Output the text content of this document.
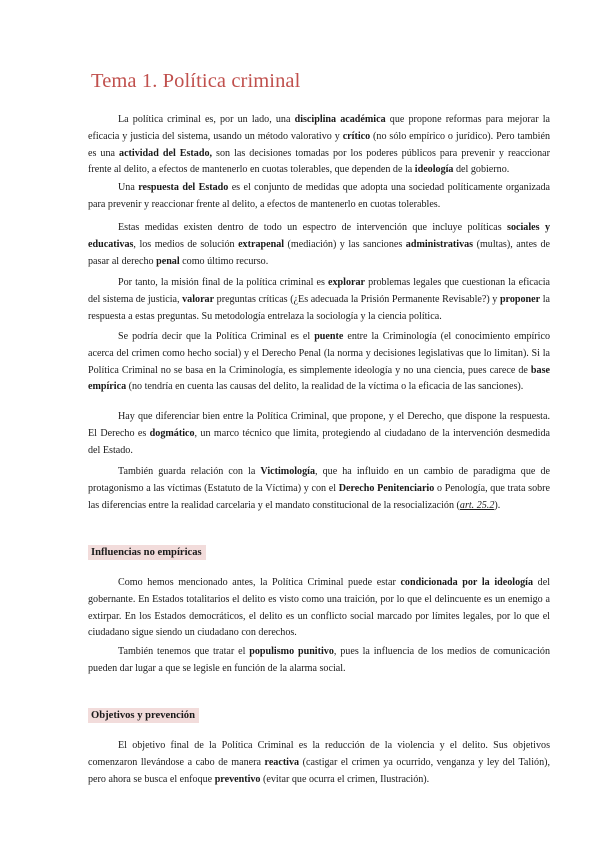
Tema 1. Política criminal

La política criminal es, por un lado, una disciplina académica que propone reformas para mejorar la eficacia y justicia del sistema, usando un método valorativo y crítico (no sólo empírico o jurídico). Pero también es una actividad del Estado, son las decisiones tomadas por los poderes públicos para prevenir y reaccionar frente al delito, a efectos de mantenerlo en cuotas tolerables, que dependen de la ideología del gobierno.

Una respuesta del Estado es el conjunto de medidas que adopta una sociedad políticamente organizada para prevenir y reaccionar frente al delito, a efectos de mantenerlo en cuotas tolerables.

Estas medidas existen dentro de todo un espectro de intervención que incluye políticas sociales y educativas, los medios de solución extrapenal (mediación) y las sanciones administrativas (multas), antes de pasar al derecho penal como último recurso.

Por tanto, la misión final de la política criminal es explorar problemas legales que cuestionan la eficacia del sistema de justicia, valorar preguntas críticas (¿Es adecuada la Prisión Permanente Revisable?) y proponer la respuesta a estas preguntas. Su metodología entrelaza la sociología y la ciencia política.

Se podría decir que la Política Criminal es el puente entre la Criminología (el conocimiento empírico acerca del crimen como hecho social) y el Derecho Penal (la norma y decisiones legislativas que lo limitan). Si la Política Criminal no se basa en la Criminología, es simplemente ideología y no una ciencia, pues carece de base empírica (no tendría en cuenta las causas del delito, la realidad de la víctima o la eficacia de las sanciones).

Hay que diferenciar bien entre la Política Criminal, que propone, y el Derecho, que dispone la respuesta. El Derecho es dogmático, un marco técnico que limita, protegiendo al ciudadano de la intervención desmedida del Estado.

También guarda relación con la Victimología, que ha influido en un cambio de paradigma que de protagonismo a las víctimas (Estatuto de la Víctima) y con el Derecho Penitenciario o Penología, que trata sobre las diferencias entre la realidad carcelaria y el mandato constitucional de la resocialización (art. 25.2).

Influencias no empíricas

Como hemos mencionado antes, la Política Criminal puede estar condicionada por la ideología del gobernante. En Estados totalitarios el delito es visto como una traición, por lo que el delincuente es un enemigo a extirpar. En los Estados democráticos, el delito es un conflicto social marcado por límites legales, por lo que el ciudadano sigue siendo un ciudadano con derechos.

También tenemos que tratar el populismo punitivo, pues la influencia de los medios de comunicación pueden dar lugar a que se legisle en función de la alarma social.

Objetivos y prevención

El objetivo final de la Política Criminal es la reducción de la violencia y el delito. Sus objetivos comenzaron llevándose a cabo de manera reactiva (castigar el crimen ya ocurrido, venganza y ley del Talión), pero ahora se busca el enfoque preventivo (evitar que ocurra el crimen, Ilustración).
